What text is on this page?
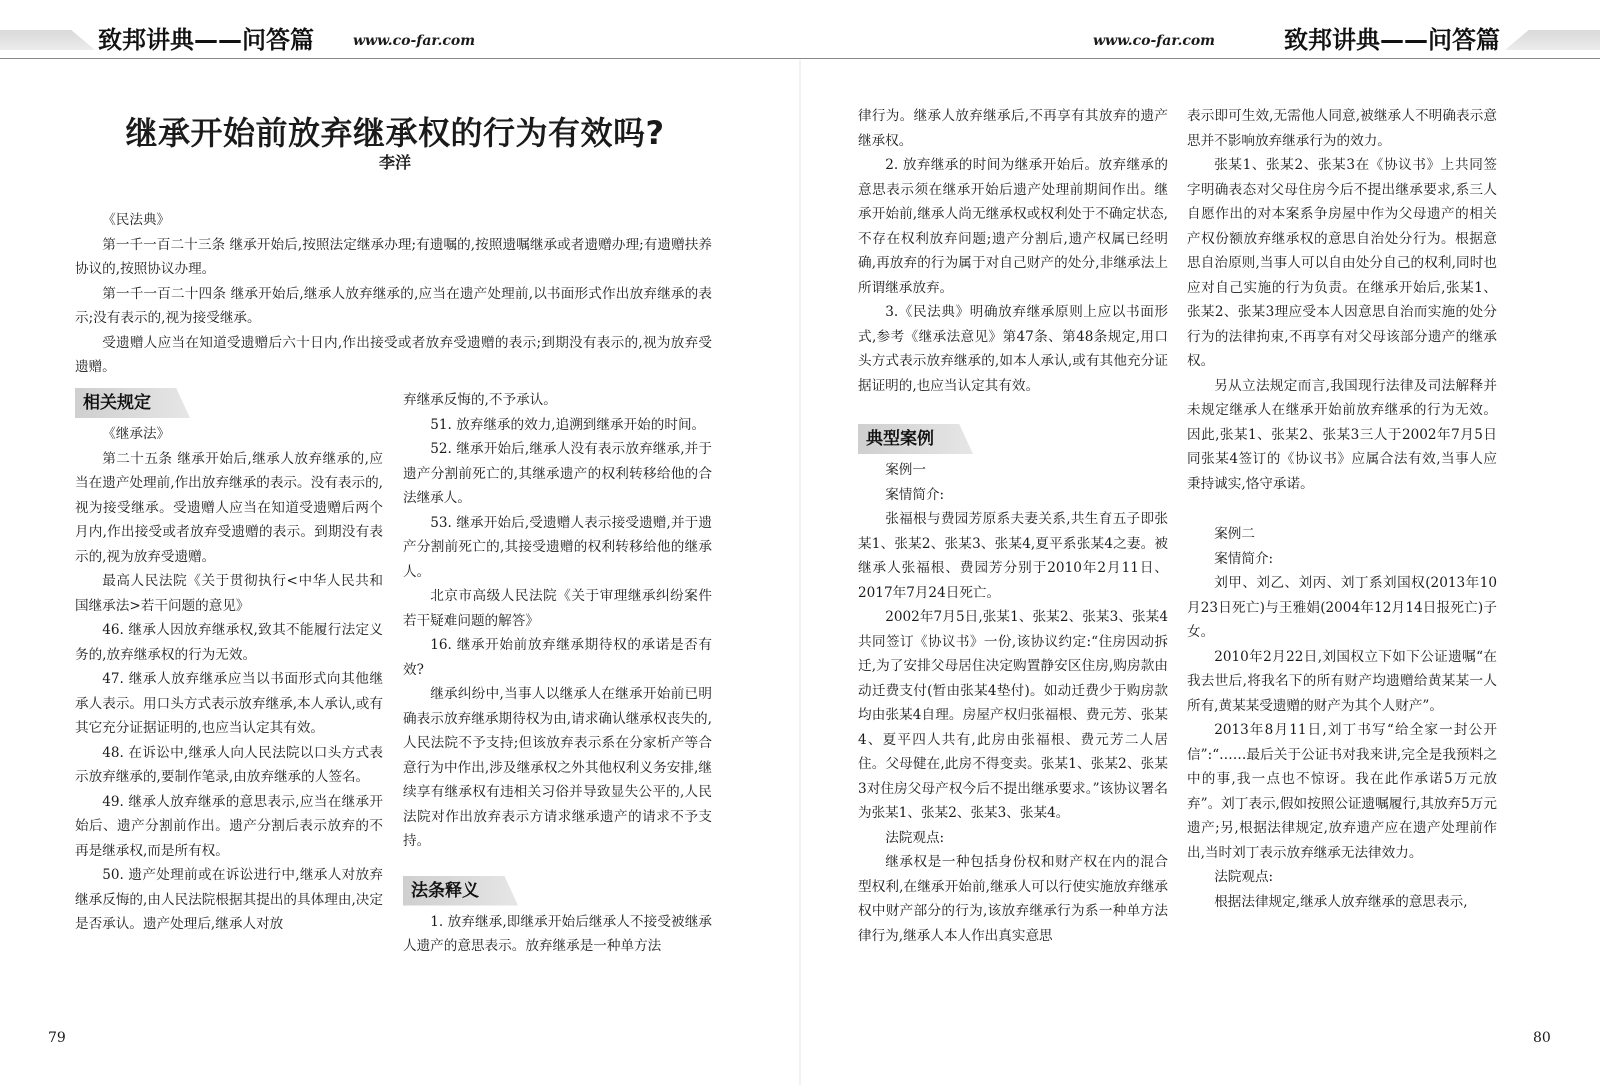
致邦讲典——问答篇	www.co-far.com	致邦讲典——问答篇
www.co-far.com
继承开始前放弃继承权的行为有效吗?
李洋

《民法典》

第一千一百二十三条 继承开始后,按照法定继承办理;有遗嘱的,按照遗嘱继承或者遗赠办理;有遗赠扶养协议的,按照协议办理。

第一千一百二十四条 继承开始后,继承人放弃继承的,应当在遗产处理前,以书面形式作出放弃继承的表示;没有表示的,视为接受继承。

受遗赠人应当在知道受遗赠后六十日内,作出接受或者放弃受遗赠的表示;到期没有表示的,视为放弃受遗赠。

相关规定

《继承法》

第二十五条 继承开始后,继承人放弃继承的,应当在遗产处理前,作出放弃继承的表示。没有表示的,视为接受继承。受遗赠人应当在知道受遗赠后两个月内,作出接受或者放弃受遗赠的表示。到期没有表示的,视为放弃受遗赠。

最高人民法院《关于贯彻执行<中华人民共和国继承法>若干问题的意见》

46. 继承人因放弃继承权,致其不能履行法定义务的,放弃继承权的行为无效。

47. 继承人放弃继承应当以书面形式向其他继承人表示。用口头方式表示放弃继承,本人承认,或有其它充分证据证明的,也应当认定其有效。

48. 在诉讼中,继承人向人民法院以口头方式表示放弃继承的,要制作笔录,由放弃继承的人签名。

49. 继承人放弃继承的意思表示,应当在继承开始后、遗产分割前作出。遗产分割后表示放弃的不再是继承权,而是所有权。

50. 遗产处理前或在诉讼进行中,继承人对放弃继承反悔的,由人民法院根据其提出的具体理由,决定是否承认。遗产处理后,继承人对放

弃继承反悔的,不予承认。

51. 放弃继承的效力,追溯到继承开始的时间。

52. 继承开始后,继承人没有表示放弃继承,并于遗产分割前死亡的,其继承遗产的权利转移给他的合法继承人。

53. 继承开始后,受遗赠人表示接受遗赠,并于遗产分割前死亡的,其接受遗赠的权利转移给他的继承人。

北京市高级人民法院《关于审理继承纠纷案件若干疑难问题的解答》

16. 继承开始前放弃继承期待权的承诺是否有效?

继承纠纷中,当事人以继承人在继承开始前已明确表示放弃继承期待权为由,请求确认继承权丧失的,人民法院不予支持;但该放弃表示系在分家析产等合意行为中作出,涉及继承权之外其他权利义务安排,继续享有继承权有违相关习俗并导致显失公平的,人民法院对作出放弃表示方请求继承遗产的请求不予支持。

法条释义

1. 放弃继承,即继承开始后继承人不接受被继承人遗产的意思表示。放弃继承是一种单方法

律行为。继承人放弃继承后,不再享有其放弃的遗产继承权。

2. 放弃继承的时间为继承开始后。放弃继承的意思表示须在继承开始后遗产处理前期间作出。继承开始前,继承人尚无继承权或权利处于不确定状态,不存在权利放弃问题;遗产分割后,遗产权属已经明确,再放弃的行为属于对自己财产的处分,非继承法上所谓继承放弃。

3.《民法典》明确放弃继承原则上应以书面形式,参考《继承法意见》第47条、第48条规定,用口头方式表示放弃继承的,如本人承认,或有其他充分证据证明的,也应当认定其有效。

典型案例

案例一

案情简介:

张福根与费园芳原系夫妻关系,共生育五子即张某1、张某2、张某3、张某4,夏平系张某4之妻。被继承人张福根、费园芳分别于2010年2月11日、2017年7月24日死亡。

2002年7月5日,张某1、张某2、张某3、张某4共同签订《协议书》一份,该协议约定:“住房因动拆迁,为了安排父母居住决定购置静安区住房,购房款由动迁费支付(暂由张某4垫付)。如动迁费少于购房款均由张某4自理。房屋产权归张福根、费元芳、张某4、夏平四人共有,此房由张福根、费元芳二人居住。父母健在,此房不得变卖。张某1、张某2、张某3对住房父母产权今后不提出继承要求。”该协议署名为张某1、张某2、张某3、张某4。

法院观点:

继承权是一种包括身份权和财产权在内的混合型权利,在继承开始前,继承人可以行使实施放弃继承权中财产部分的行为,该放弃继承行为系一种单方法律行为,继承人本人作出真实意思

表示即可生效,无需他人同意,被继承人不明确表示意思并不影响放弃继承行为的效力。

张某1、张某2、张某3在《协议书》上共同签字明确表态对父母住房今后不提出继承要求,系三人自愿作出的对本案系争房屋中作为父母遗产的相关产权份额放弃继承权的意思自治处分行为。根据意思自治原则,当事人可以自由处分自己的权利,同时也应对自己实施的行为负责。在继承开始后,张某1、张某2、张某3理应受本人因意思自治而实施的处分行为的法律拘束,不再享有对父母该部分遗产的继承权。

另从立法规定而言,我国现行法律及司法解释并未规定继承人在继承开始前放弃继承的行为无效。因此,张某1、张某2、张某3三人于2002年7月5日同张某4签订的《协议书》应属合法有效,当事人应秉持诚实,恪守承诺。

案例二

案情简介:

刘甲、刘乙、刘丙、刘丁系刘国权(2013年10月23日死亡)与王雅娟(2004年12月14日报死亡)子女。

2010年2月22日,刘国权立下如下公证遗嘱“在我去世后,将我名下的所有财产均遗赠给黄某某一人所有,黄某某受遗赠的财产为其个人财产”。

2013年8月11日,刘丁书写“给全家一封公开信”:“……最后关于公证书对我来讲,完全是我预料之中的事,我一点也不惊讶。我在此作承诺5万元放弃”。刘丁表示,假如按照公证遗嘱履行,其放弃5万元遗产;另,根据法律规定,放弃遗产应在遗产处理前作出,当时刘丁表示放弃继承无法律效力。

法院观点:

根据法律规定,继承人放弃继承的意思表示,

79	80
